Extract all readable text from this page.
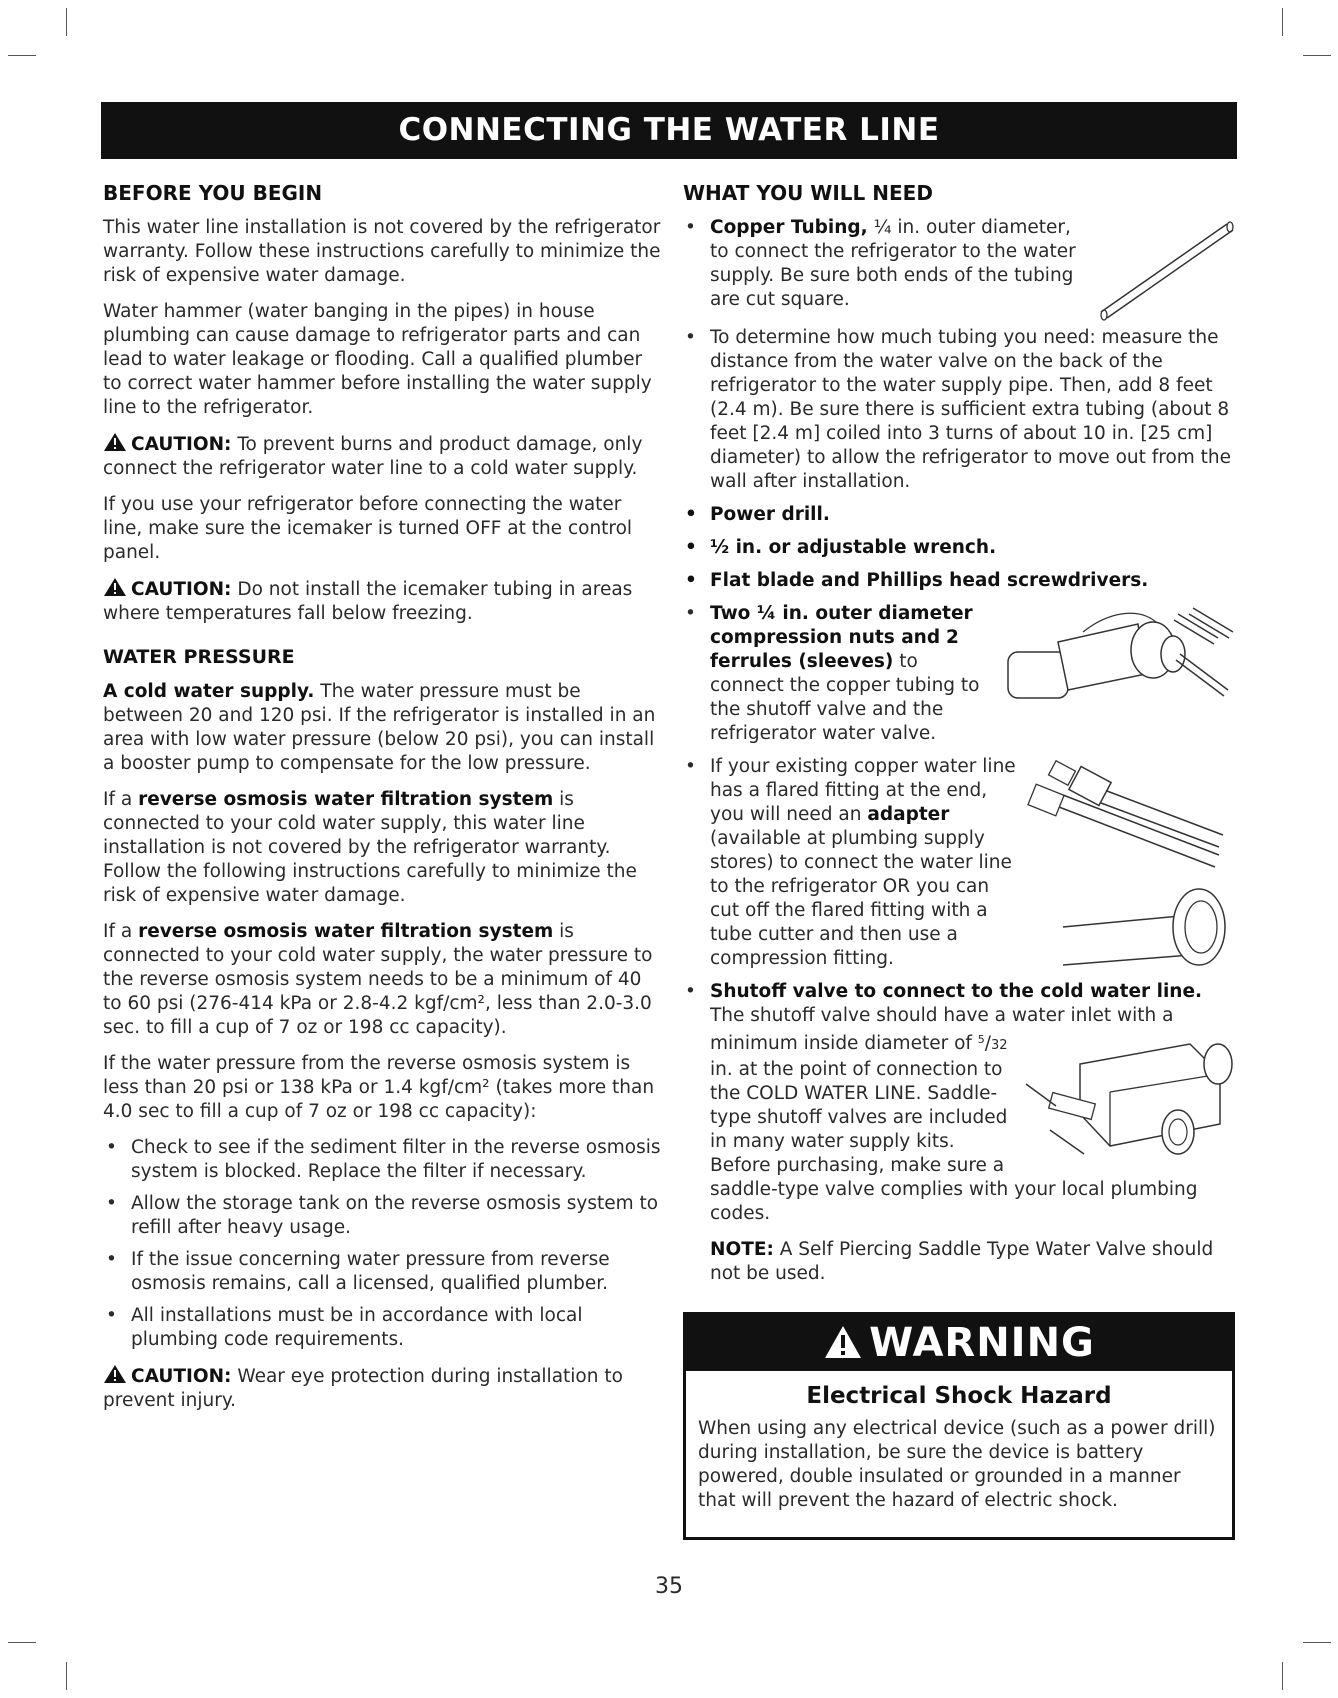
CONNECTING THE WATER LINE
BEFORE YOU BEGIN

This water line installation is not covered by the refrigerator warranty. Follow these instructions carefully to minimize the risk of expensive water damage.

Water hammer (water banging in the pipes) in house plumbing can cause damage to refrigerator parts and can lead to water leakage or flooding. Call a qualified plumber to correct water hammer before installing the water supply line to the refrigerator.

CAUTION: To prevent burns and product damage, only connect the refrigerator water line to a cold water supply.

If you use your refrigerator before connecting the water line, make sure the icemaker is turned OFF at the control panel.

CAUTION: Do not install the icemaker tubing in areas where temperatures fall below freezing.

WATER PRESSURE

A cold water supply. The water pressure must be between 20 and 120 psi. If the refrigerator is installed in an area with low water pressure (below 20 psi), you can install a booster pump to compensate for the low pressure.

If a reverse osmosis water filtration system is connected to your cold water supply, this water line installation is not covered by the refrigerator warranty. Follow the following instructions carefully to minimize the risk of expensive water damage.

If a reverse osmosis water filtration system is connected to your cold water supply, the water pressure to the reverse osmosis system needs to be a minimum of 40 to 60 psi (276-414 kPa or 2.8-4.2 kgf/cm², less than 2.0-3.0 sec. to fill a cup of 7 oz or 198 cc capacity).

If the water pressure from the reverse osmosis system is less than 20 psi or 138 kPa or 1.4 kgf/cm² (takes more than 4.0 sec to fill a cup of 7 oz or 198 cc capacity):

• Check to see if the sediment filter in the reverse osmosis system is blocked. Replace the filter if necessary.
• Allow the storage tank on the reverse osmosis system to refill after heavy usage.
• If the issue concerning water pressure from reverse osmosis remains, call a licensed, qualified plumber.
• All installations must be in accordance with local plumbing code requirements.

CAUTION: Wear eye protection during installation to prevent injury.

WHAT YOU WILL NEED
• Copper Tubing, ¼ in. outer diameter, to connect the refrigerator to the water supply. Be sure both ends of the tubing are cut square.
• To determine how much tubing you need: measure the distance from the water valve on the back of the refrigerator to the water supply pipe. Then, add 8 feet (2.4 m). Be sure there is sufficient extra tubing (about 8 feet [2.4 m] coiled into 3 turns of about 10 in. [25 cm] diameter) to allow the refrigerator to move out from the wall after installation.
• Power drill.
• ½ in. or adjustable wrench.
• Flat blade and Phillips head screwdrivers.
• Two ¼ in. outer diameter compression nuts and 2 ferrules (sleeves) to connect the copper tubing to the shutoff valve and the refrigerator water valve.
• If your existing copper water line has a flared fitting at the end, you will need an adapter (available at plumbing supply stores) to connect the water line to the refrigerator OR you can cut off the flared fitting with a tube cutter and then use a compression fitting.
• Shutoff valve to connect to the cold water line. The shutoff valve should have a water inlet with a minimum inside diameter of $^5$/32
in. at the point of connection to the COLD WATER LINE. Saddle-type shutoff valves are included in many water supply kits. Before purchasing, make sure a saddle-type valve complies with your local plumbing codes.

NOTE: A Self Piercing Saddle Type Water Valve should not be used.

WARNING
Electrical Shock Hazard
When using any electrical device (such as a power drill) during installation, be sure the device is battery powered, double insulated or grounded in a manner that will prevent the hazard of electric shock.
35
